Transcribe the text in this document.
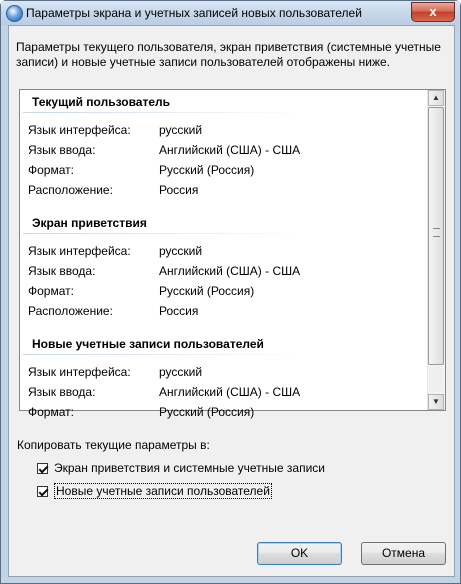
Параметры экрана и учетных записей новых пользователей	x
Параметры текущего пользователя, экран приветствия (системные учетные записи) и новые учетные записи пользователей отображены ниже.
Текущий пользователь
Язык интерфейса: русский
Язык ввода:	Английский (США) - США
Формат:	Русский (Россия)
Расположение:	Россия
Экран приветствия
Язык интерфейса: русский
Язык ввода:	Английский (США) - США
Формат:	Русский (Россия)
Расположение:	Россия
Новые учетные записи пользователей
Язык интерфейса: русский
Язык ввода:	Английский (США) - США
Формат:	Русский (Россия)
▲
▼
Копировать текущие параметры в:
Экран приветствия и системные учетные записи
Новые учетные записи пользователей
OK	Отмена
